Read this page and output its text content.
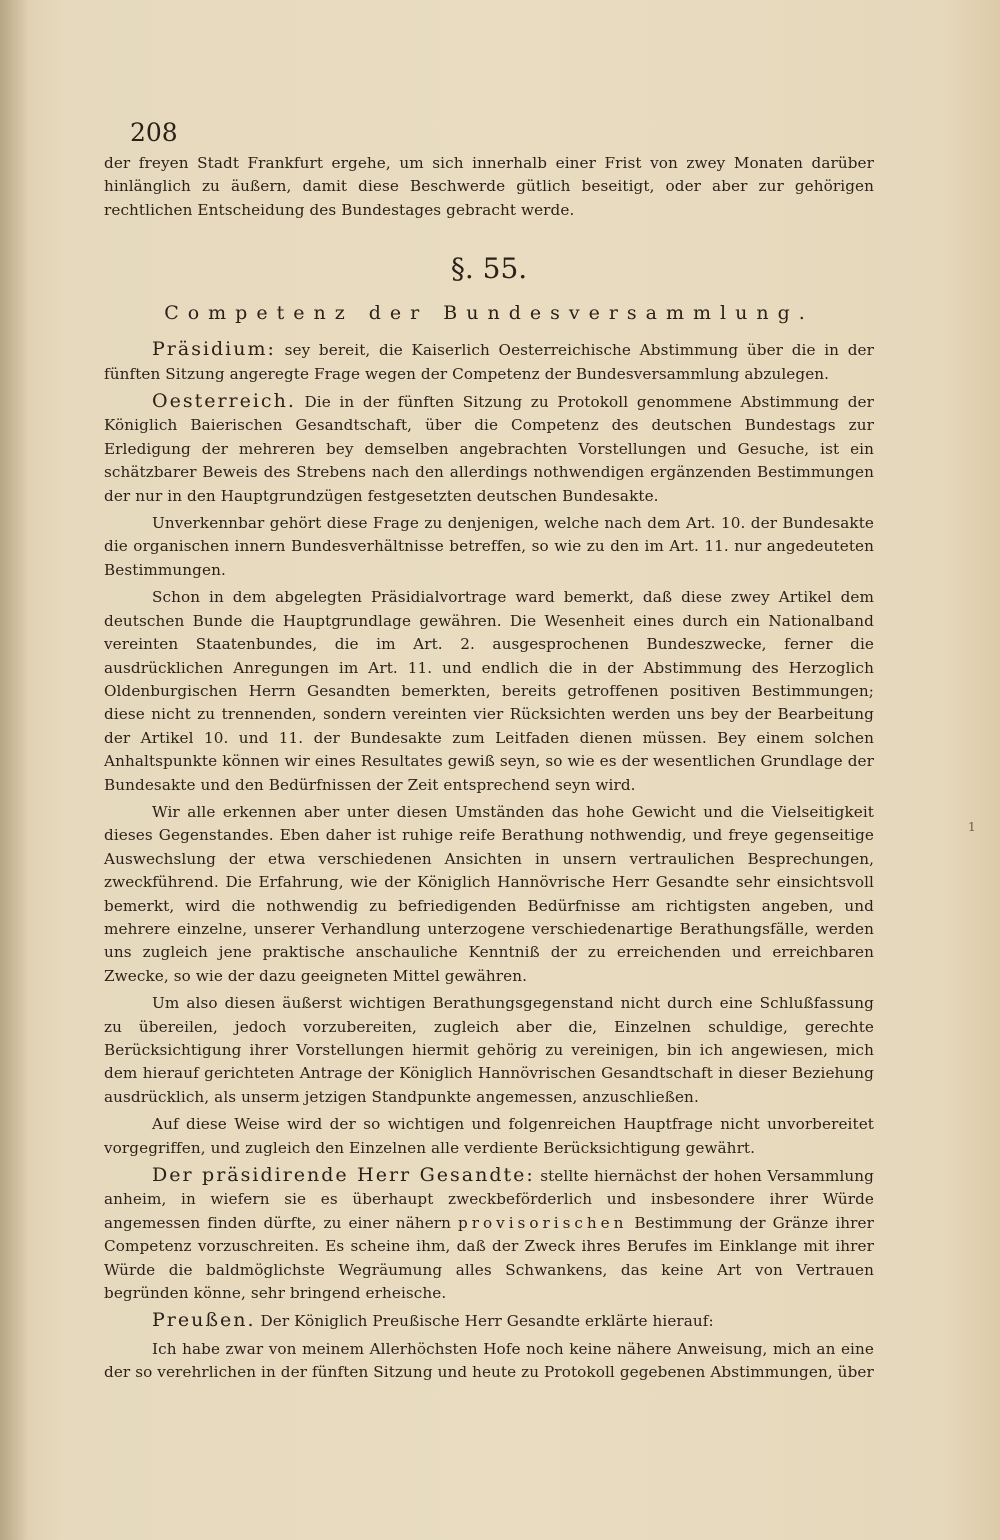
1
208

der freyen Stadt Frankfurt ergehe, um sich innerhalb einer Frist von zwey Monaten darüber hinlänglich zu äußern, damit diese Beschwerde gütlich beseitigt, oder aber zur gehörigen rechtlichen Entscheidung des Bundestages gebracht werde.

§. 55.
Competenz der Bundesversammlung.

Präsidium: sey bereit, die Kaiserlich Oesterreichische Abstimmung über die in der fünften Sitzung angeregte Frage wegen der Competenz der Bundesversammlung abzulegen.

Oesterreich. Die in der fünften Sitzung zu Protokoll genommene Abstimmung der Königlich Baierischen Gesandtschaft, über die Competenz des deutschen Bundestags zur Erledigung der mehreren bey demselben angebrachten Vorstellungen und Gesuche, ist ein schätzbarer Beweis des Strebens nach den allerdings nothwendigen ergänzenden Bestimmungen der nur in den Hauptgrundzügen festgesetzten deutschen Bundesakte.

Unverkennbar gehört diese Frage zu denjenigen, welche nach dem Art. 10. der Bundesakte die organischen innern Bundesverhältnisse betreffen, so wie zu den im Art. 11. nur angedeuteten Bestimmungen.

Schon in dem abgelegten Präsidialvortrage ward bemerkt, daß diese zwey Artikel dem deutschen Bunde die Hauptgrundlage gewähren. Die Wesenheit eines durch ein Nationalband vereinten Staatenbundes, die im Art. 2. ausgesprochenen Bundeszwecke, ferner die ausdrücklichen Anregungen im Art. 11. und endlich die in der Abstimmung des Herzoglich Oldenburgischen Herrn Gesandten bemerkten, bereits getroffenen positiven Bestimmungen; diese nicht zu trennenden, sondern vereinten vier Rücksichten werden uns bey der Bearbeitung der Artikel 10. und 11. der Bundesakte zum Leitfaden dienen müssen. Bey einem solchen Anhaltspunkte können wir eines Resultates gewiß seyn, so wie es der wesentlichen Grundlage der Bundesakte und den Bedürfnissen der Zeit entsprechend seyn wird.

Wir alle erkennen aber unter diesen Umständen das hohe Gewicht und die Vielseitigkeit dieses Gegenstandes. Eben daher ist ruhige reife Berathung nothwendig, und freye gegenseitige Auswechslung der etwa verschiedenen Ansichten in unsern vertraulichen Besprechungen, zweckführend. Die Erfahrung, wie der Königlich Hannövrische Herr Gesandte sehr einsichtsvoll bemerkt, wird die nothwendig zu befriedigenden Bedürfnisse am richtigsten angeben, und mehrere einzelne, unserer Verhandlung unterzogene verschiedenartige Berathungsfälle, werden uns zugleich jene praktische anschauliche Kenntniß der zu erreichenden und erreichbaren Zwecke, so wie der dazu geeigneten Mittel gewähren.

Um also diesen äußerst wichtigen Berathungsgegenstand nicht durch eine Schlußfassung zu übereilen, jedoch vorzubereiten, zugleich aber die, Einzelnen schuldige, gerechte Berücksichtigung ihrer Vorstellungen hiermit gehörig zu vereinigen, bin ich angewiesen, mich dem hierauf gerichteten Antrage der Königlich Hannövrischen Gesandtschaft in dieser Beziehung ausdrücklich, als unserm jetzigen Standpunkte angemessen, anzuschließen.

Auf diese Weise wird der so wichtigen und folgenreichen Hauptfrage nicht unvorbereitet vorgegriffen, und zugleich den Einzelnen alle verdiente Berücksichtigung gewährt.

Der präsidirende Herr Gesandte: stellte hiernächst der hohen Versammlung anheim, in wiefern sie es überhaupt zweckbeförderlich und insbesondere ihrer Würde angemessen finden dürfte, zu einer nähern provisorischen Bestimmung der Gränze ihrer Competenz vorzuschreiten. Es scheine ihm, daß der Zweck ihres Berufes im Einklange mit ihrer Würde die baldmöglichste Wegräumung alles Schwankens, das keine Art von Vertrauen begründen könne, sehr bringend erheische.

Preußen. Der Königlich Preußische Herr Gesandte erklärte hierauf:

Ich habe zwar von meinem Allerhöchsten Hofe noch keine nähere Anweisung, mich an eine der so verehrlichen in der fünften Sitzung und heute zu Protokoll gegebenen Abstimmungen, über
